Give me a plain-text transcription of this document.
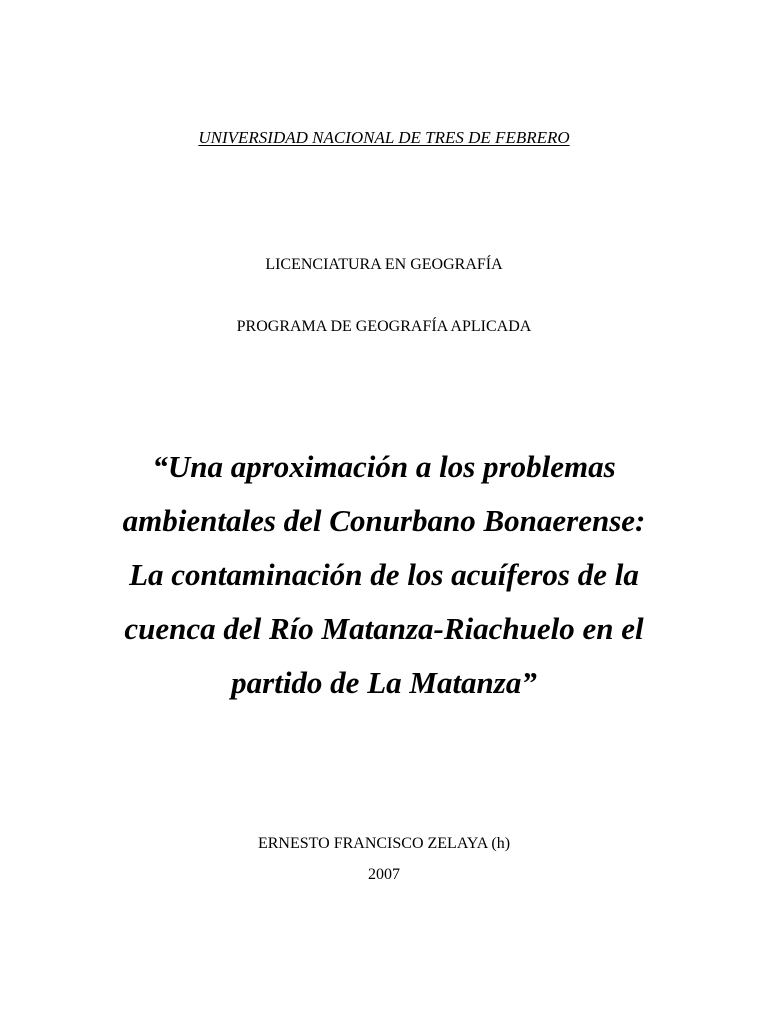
UNIVERSIDAD NACIONAL DE TRES DE FEBRERO
LICENCIATURA EN GEOGRAFÍA
PROGRAMA DE GEOGRAFÍA APLICADA
“Una aproximación a los problemas
ambientales del Conurbano Bonaerense:
La contaminación de los acuíferos de la
cuenca del Río Matanza-Riachuelo en el
partido de La Matanza”
ERNESTO FRANCISCO ZELAYA (h)
2007
